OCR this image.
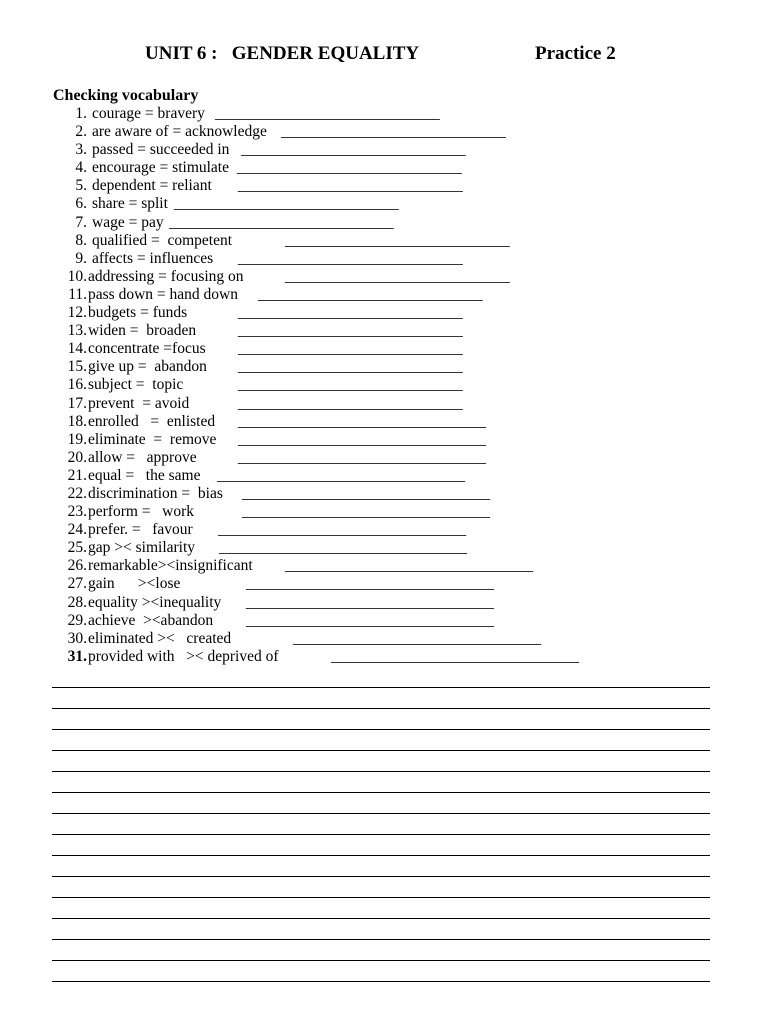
UNIT 6 :   GENDER EQUALITY	Practice 2
Checking vocabulary
1. courage = bravery _____________________________
2. are aware of = acknowledge _____________________________
3. passed = succeeded in _____________________________
4. encourage = stimulate _____________________________
5. dependent = reliant _____________________________
6. share = split _____________________________
7. wage = pay _____________________________
8. qualified =  competent	_____________________________
9. affects = influences _____________________________
10.addressing = focusing on	_____________________________
11.pass down = hand down _____________________________
12.budgets = funds	_____________________________
13.widen =  broaden	_____________________________
14.concentrate =focus _____________________________
15.give up =  abandon _____________________________
16.subject =  topic	_____________________________
17.prevent  = avoid	_____________________________
18.enrolled   =  enlisted ________________________________
19.eliminate  =  remove ________________________________
20.allow =   approve	________________________________
21.equal =   the same ________________________________
22.discrimination =  bias ________________________________
23.perform =   work	________________________________
24.prefer. =   favour ________________________________
25.gap >< similarity ________________________________
26.remarkable><insignificant ________________________________
27.gain      ><lose	________________________________
28.equality ><inequality ________________________________
29.achieve  ><abandon ________________________________
30.eliminated ><   created	________________________________
31.provided with   >< deprived of	________________________________
